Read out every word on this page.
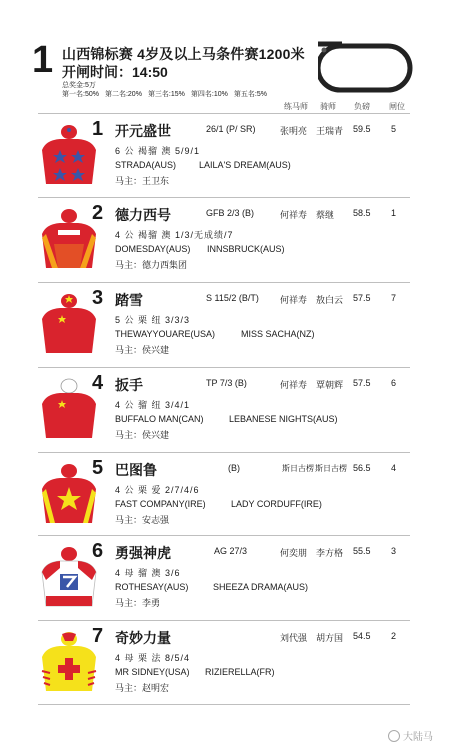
1 山西锦标赛 4岁及以上马条件赛1200米
开闸时间：14:50
总奖金:5万
第一名:50% 第二名:20% 第三名:15% 第四名:10% 第五名:5%
练马师 骑师 负磅 闸位
1 开元盛世	26/1 (P/ SR)	张明亮 王瑞青 59.5 5
6 公 褐骝 澳 5/9/1
STRADA(AUS)	LAILA'S DREAM(AUS)
马主：王卫东
2 德力西号	GFB 2/3 (B)	何祥寿 蔡继 58.5 1
4 公 褐骝 澳 1/3/无成绩/7
DOMESDAY(AUS) INNSBRUCK(AUS)
马主：德力西集团
3 踏雪	S 115/2 (B/T) 何祥寿 敖白云 57.5 7
5 公 栗 纽 3/3/3
THEWAYYOUARE(USA)	MISS SACHA(NZ)
马主：侯兴建
4 扳手	TP 7/3 (B)	何祥寿 覃朝辉 57.5 6
4 公 骝 纽 3/4/1
BUFFALO MAN(CAN)	LEBANESE NIGHTS(AUS)
马主：侯兴建
5 巴图鲁	(B)	斯日古楞 斯日古楞 56.5 4
4 公 栗 爱 2/7/4/6
FAST COMPANY(IRE)	LADY CORDUFF(IRE)
马主：安志强
6 勇强神虎	AG 27/3	何奕朋 李方格 55.5 3
4 母 骝 澳 3/6
ROTHESAY(AUS)	SHEEZA DRAMA(AUS)
马主：李勇
7 奇妙力量	刘代强 胡方国 54.5 2
4 母 栗 法 8/5/4
MR SIDNEY(USA) RIZIERELLA(FR)
马主：赵明宏
大陆马
